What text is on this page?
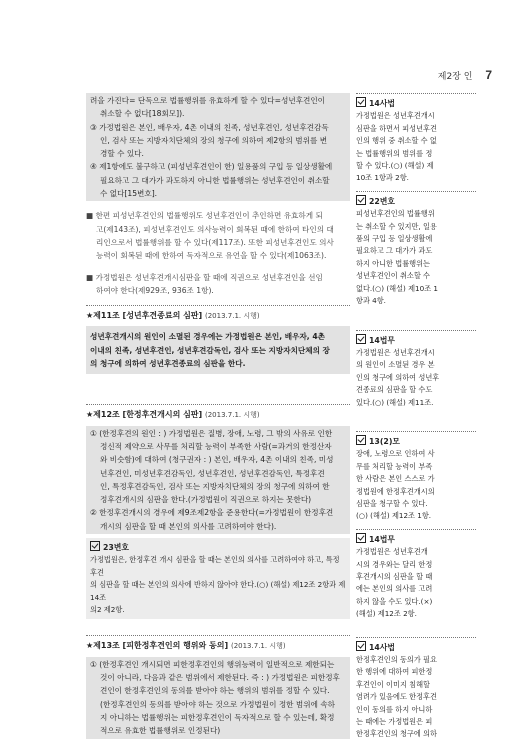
제2장 인 7
려을 가진다= 단독으로 법률행위를 유효하게 할 수 있다=성년후견인이
취소할 수 없다[18회모]).
③ 가정법원은 본인, 배우자, 4촌 이내의 친족, 성년후견인, 성년후견감독
인, 검사 또는 지방자치단체의 장의 청구에 의하여 제2항의 범위를 변
경할 수 있다.
④ 제1항에도 불구하고 (피성년후견인이 한) 일용품의 구입 등 일상생활에
필요하고 그 대가가 과도하지 아니한 법률행위는 성년후견인이 취소할
수 없다[15변호].
■ 한편 피성년후견인의 법률행위도 성년후견인이 추인하면 유효하게 되
고(제143조), 피성년후견인도 의사능력이 회복된 때에 한하여 타인의 대
리인으로서 법률행위를 할 수 있다(제117조). 또한 피성년후견인도 의사
능력이 회복된 때에 한하여 독자적으로 유언을 할 수 있다(제1063조).
■ 가정법원은 성년후견개시심판을 할 때에 직권으로 성년후견인을 선임
하여야 한다(제929조, 936조 1항).
★제11조 [성년후견종료의 심판] (2013.7.1. 시행)
성년후견개시의 원인이 소멸된 경우에는 가정법원은 본인, 배우자, 4촌
이내의 친족, 성년후견인, 성년후견감독인, 검사 또는 지방자치단체의 장
의 청구에 의하여 성년후견종료의 심판을 한다.
★제12조 [한정후견개시의 심판] (2013.7.1. 시행)
① (한정후견의 원인 : ) 가정법원은 질병, 장애, 노령, 그 밖의 사유로 인한
정신적 제약으로 사무를 처리할 능력이 부족한 사람(=과거의 한정산자
와 비슷함)에 대하여 (청구권자 : ) 본인, 배우자, 4촌 이내의 친족, 미성
년후견인, 미성년후견감독인, 성년후견인, 성년후견감독인, 특정후견
인, 특정후견감독인, 검사 또는 지방자치단체의 장의 청구에 의하여 한
정후견개시의 심판을 한다.(가정법원이 직권으로 하지는 못한다)
② 한정후견개시의 경우에 제9조제2항을 준용한다(=가정법원이 한정후견
개시의 심판을 할 때 본인의 의사를 고려하여야 한다).
23변호
가정법원은, 한정후견 개시 심판을 할 때는 본인의 의사를 고려하여야 하고, 특정후견
의 심판을 할 때는 본인의 의사에 반하지 않아야 한다.(○) (해설) 제12조 2항과 제14조
의2 제2항.
★제13조 [피한정후견인의 행위와 동의] (2013.7.1. 시행)
① (한정후견인 개시되면 피한정후견인의 행위능력이 일반적으로 제한되는
것이 아니라, 다음과 같은 범위에서 제한된다. 즉 : ) 가정법원은 피한정후
견인이 한정후견인의 동의를 받아야 하는 행위의 범위를 정할 수 있다.
(한정후견인의 동의를 받아야 하는 것으로 가정법원이 정한 범위에 속하
지 아니하는 법률행위는 피한정후견인이 독자적으로 할 수 있는데, 확정
적으로 유효한 법률행위로 인정된다)
14사법
가정법원은 성년후견개시
심판을 하면서 피성년후견
인의 행위 중 취소할 수 없
는 법률행위의 범위를 정
할 수 있다.(○) (해설) 제
10조 1항과 2항.
22변호
피성년후견인의 법률행위
는 취소할 수 있지만, 일용
품의 구입 등 일상생활에
필요하고 그 대가가 과도
하지 아니한 법률행위는
성년후견인이 취소할 수
없다.(○) (해설) 제10조 1
항과 4항.
14법무
가정법원은 성년후견개시
의 원인이 소멸된 경우 본
인의 청구에 의하여 성년후
견종료의 심판을 할 수도
있다.(○) (해설) 제11조.
13(2)모
장애, 노령으로 인하여 사
무를 처리할 능력이 부족
한 사람은 본인 스스로 가
정법원에 한정후견개시의
심판을 청구할 수 있다.
(○) (해설) 제12조 1항.
14법무
가정법원은 성년후견개
시의 경우와는 달리 한정
후견개시의 심판을 할 때
에는 본인의 의사를 고려
하지 않을 수도 있다.(×)
(해설) 제12조 2항.
14사법
한정후견인의 동의가 필요
한 행위에 대하여 피한정
후견인이 이미지 침해할
염려가 있음에도 한정후견
인이 동의를 하지 아니하
는 때에는 가정법원은 피
한정후견인의 청구에 의하
